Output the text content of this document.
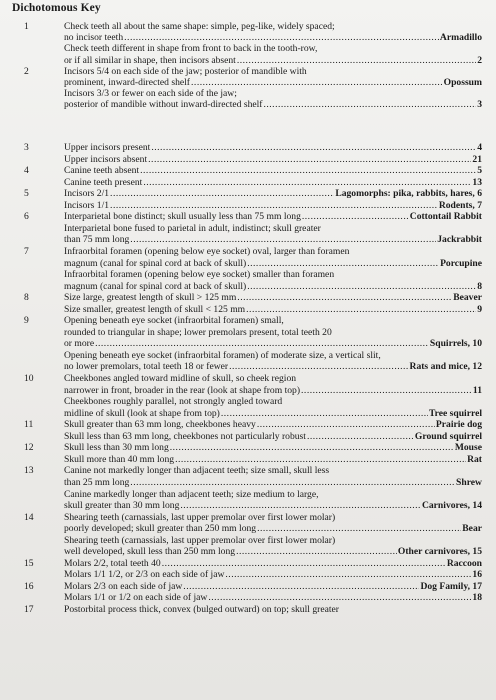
Dichotomous Key
1	Check teeth all about the same shape: simple, peg-like, widely spaced;
no incisor teeth .....	Armadillo
Check teeth different in shape from front to back in the tooth-row,
or if all similar in shape, then incisors absent .....	2
2	Incisors 5/4 on each side of the jaw; posterior of mandible with
prominent, inward-directed shelf .....	Opossum
Incisors 3/3 or fewer on each side of the jaw;
posterior of mandible without inward-directed shelf .....	3
3	Upper incisors present .....	4
Upper incisors absent .....	21
4	Canine teeth absent .....	5
Canine teeth present .....	13
5	Incisors 2/1 .....	Lagomorphs: pika, rabbits, hares, 6
Incisors 1/1 .....	Rodents, 7
6	Interparietal bone distinct; skull usually less than 75 mm long .....	Cottontail Rabbit
Interparietal bone fused to parietal in adult, indistinct; skull greater
than 75 mm long .....	Jackrabbit
7	Infraorbital foramen (opening below eye socket) oval, larger than foramen
magnum (canal for spinal cord at back of skull) .....	Porcupine
Infraorbital foramen (opening below eye socket) smaller than foramen
magnum (canal for spinal cord at back of skull) .....	8
8	Size large, greatest length of skull > 125 mm .....	Beaver
Size smaller, greatest length of skull < 125 mm .....	9
9	Opening beneath eye socket (infraorbital foramen) small,
rounded to triangular in shape; lower premolars present, total teeth 20
or more .....	Squirrels, 10
Opening beneath eye socket (infraorbital foramen) of moderate size, a vertical slit,
no lower premolars, total teeth 18 or fewer .....	Rats and mice, 12
10	Cheekbones angled toward midline of skull, so cheek region
narrower in front, broader in the rear (look at shape from top) .....	11
Cheekbones roughly parallel, not strongly angled toward
midline of skull (look at shape from top) .....	Tree squirrel
11	Skull greater than 63 mm long, cheekbones heavy .....	Prairie dog
Skull less than 63 mm long, cheekbones not particularly robust .....	Ground squirrel
12	Skull less than 30 mm long .....	Mouse
Skull more than 40 mm long .....	Rat
13	Canine not markedly longer than adjacent teeth; size small, skull less
than 25 mm long .....	Shrew
Canine markedly longer than adjacent teeth; size medium to large,
skull greater than 30 mm long .....	Carnivores, 14
14	Shearing teeth (carnassials, last upper premolar over first lower molar)
poorly developed; skull greater than 250 mm long .....	Bear
Shearing teeth (carnassials, last upper premolar over first lower molar)
well developed, skull less than 250 mm long .....	Other carnivores, 15
15	Molars 2/2, total teeth 40 .....	Raccoon
Molars 1/1 1/2, or 2/3 on each side of jaw .....	16
16	Molars 2/3 on each side of jaw .....	Dog Family, 17
Molars 1/1 or 1/2 on each side of jaw .....	18
17	Postorbital process thick, convex (bulged outward) on top; skull greater
